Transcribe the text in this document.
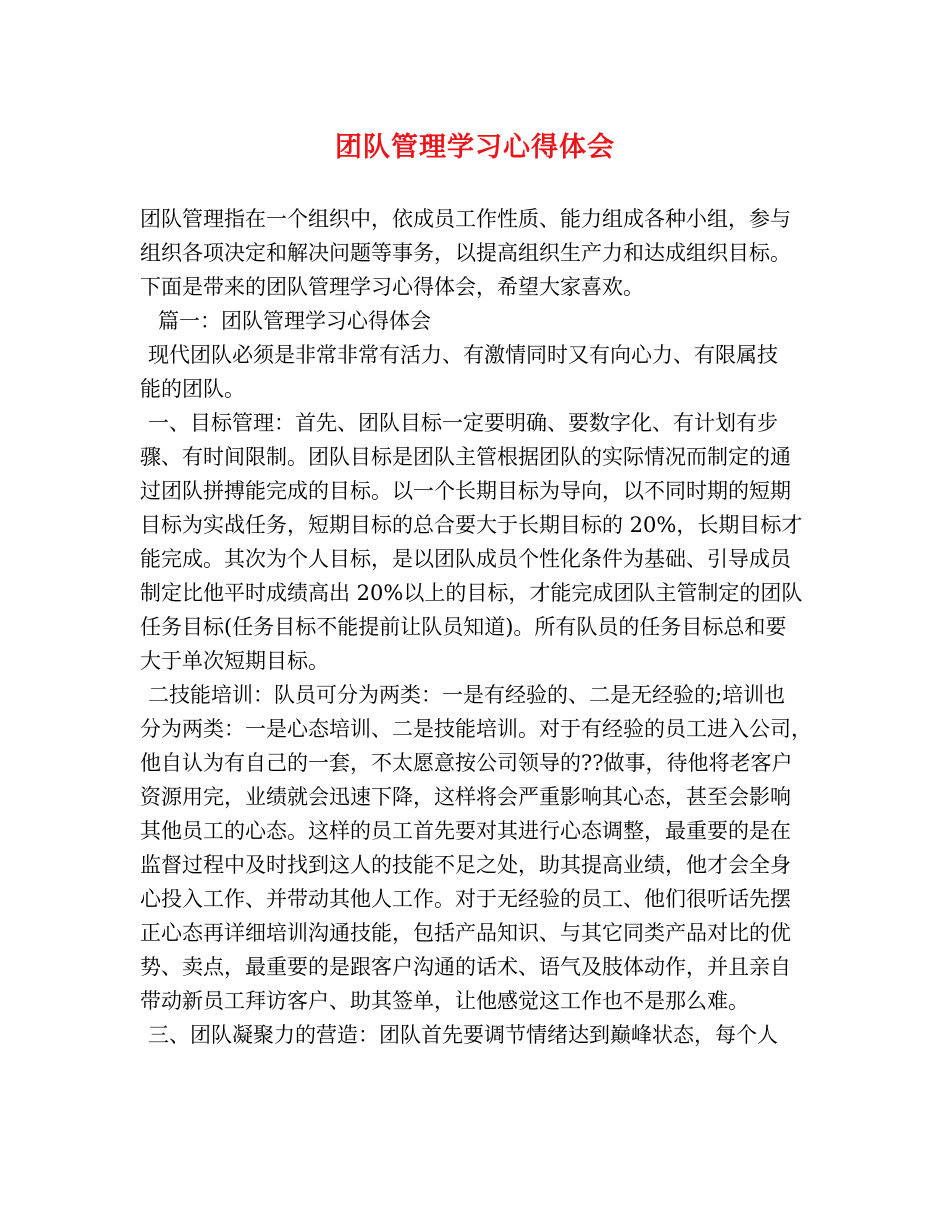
团队管理学习心得体会
团队管理指在一个组织中，依成员工作性质、能力组成各种小组，参与
组织各项决定和解决问题等事务，以提高组织生产力和达成组织目标。
下面是带来的团队管理学习心得体会，希望大家喜欢。
篇一：团队管理学习心得体会
现代团队必须是非常非常有活力、有激情同时又有向心力、有限属技
能的团队。
一、目标管理：首先、团队目标一定要明确、要数字化、有计划有步
骤、有时间限制。团队目标是团队主管根据团队的实际情况而制定的通
过团队拼搏能完成的目标。以一个长期目标为导向，以不同时期的短期
目标为实战任务，短期目标的总合要大于长期目标的 20%，长期目标才
能完成。其次为个人目标，是以团队成员个性化条件为基础、引导成员
制定比他平时成绩高出 20%以上的目标，才能完成团队主管制定的团队
任务目标(任务目标不能提前让队员知道)。所有队员的任务目标总和要
大于单次短期目标。
二技能培训：队员可分为两类：一是有经验的、二是无经验的;培训也
分为两类：一是心态培训、二是技能培训。对于有经验的员工进入公司，
他自认为有自己的一套，不太愿意按公司领导的??做事，待他将老客户
资源用完，业绩就会迅速下降，这样将会严重影响其心态，甚至会影响
其他员工的心态。这样的员工首先要对其进行心态调整，最重要的是在
监督过程中及时找到这人的技能不足之处，助其提高业绩，他才会全身
心投入工作、并带动其他人工作。对于无经验的员工、他们很听话先摆
正心态再详细培训沟通技能，包括产品知识、与其它同类产品对比的优
势、卖点，最重要的是跟客户沟通的话术、语气及肢体动作，并且亲自
带动新员工拜访客户、助其签单，让他感觉这工作也不是那么难。
三、团队凝聚力的营造：团队首先要调节情绪达到巅峰状态，每个人
